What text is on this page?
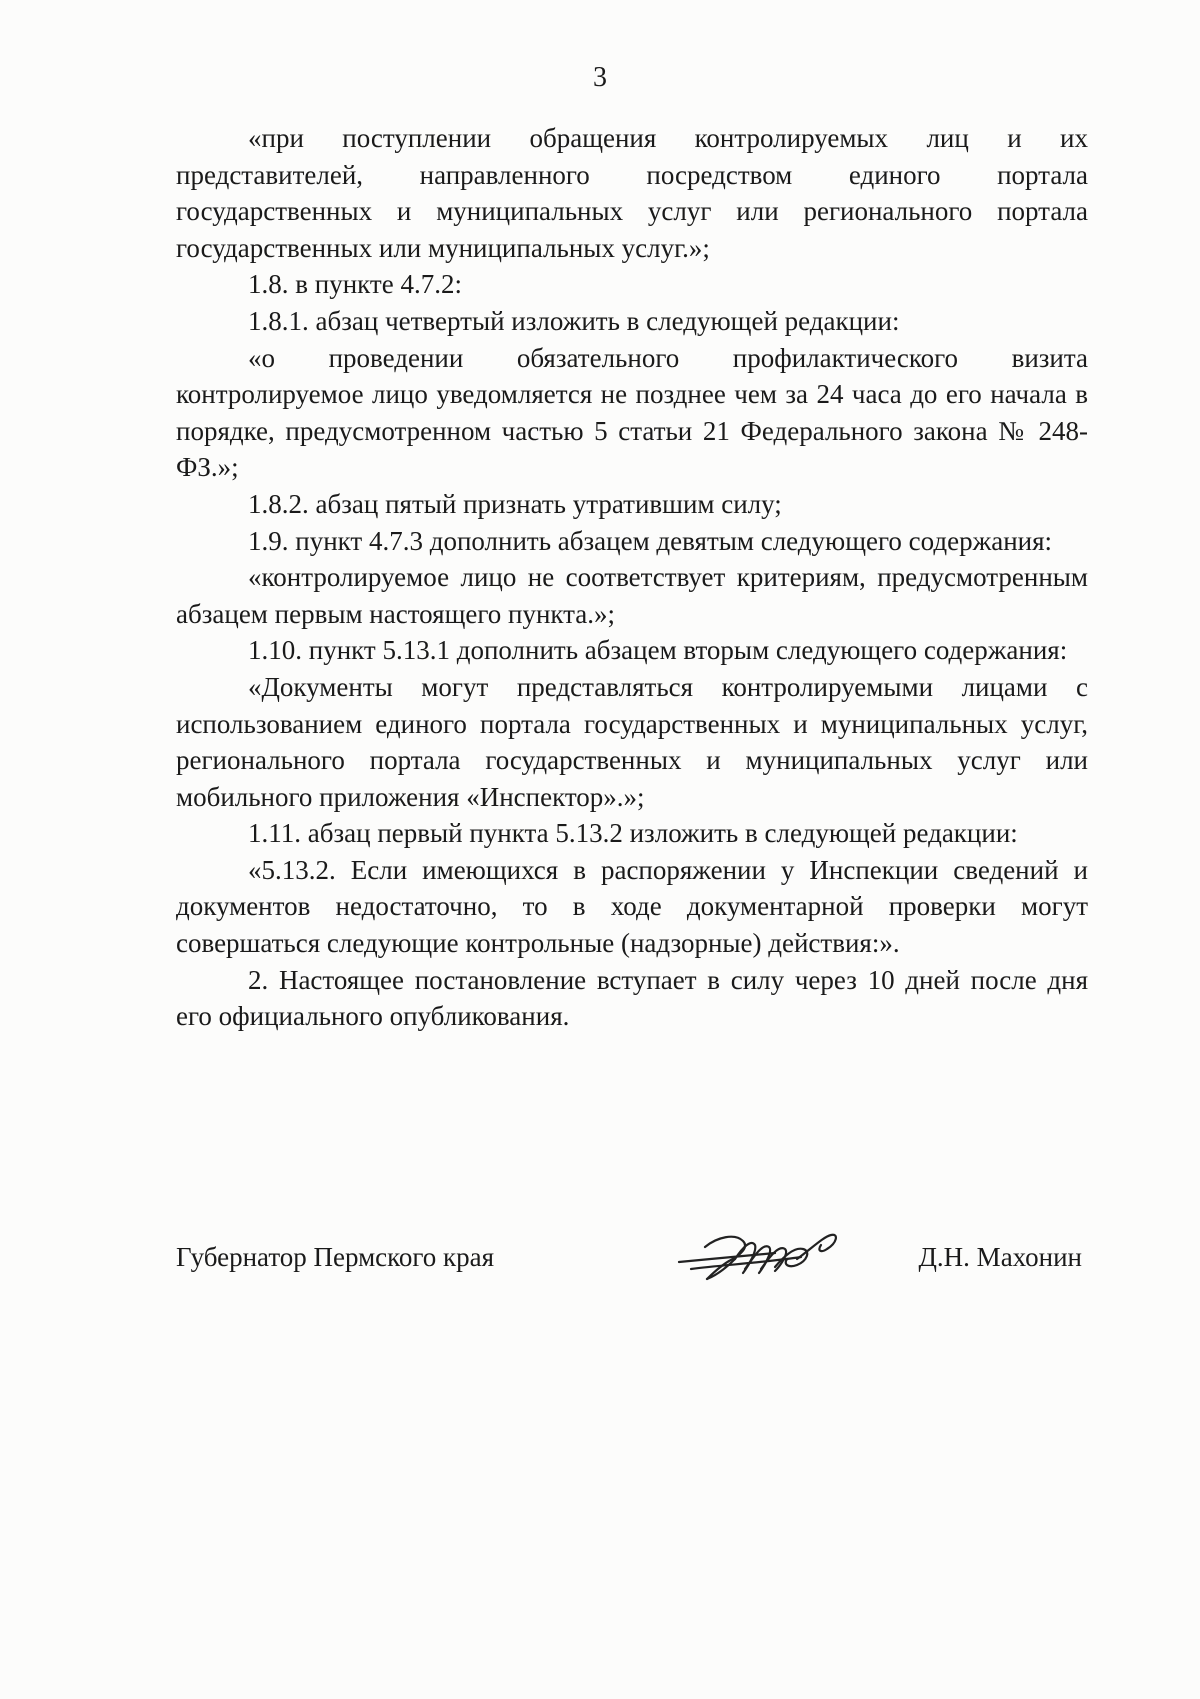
3

«при поступлении обращения контролируемых лиц и их представителей, направленного посредством единого портала государственных и муниципальных услуг или регионального портала государственных или муниципальных услуг.»;

1.8. в пункте 4.7.2:

1.8.1. абзац четвертый изложить в следующей редакции:

«о проведении обязательного профилактического визита контролируемое лицо уведомляется не позднее чем за 24 часа до его начала в порядке, предусмотренном частью 5 статьи 21 Федерального закона № 248-ФЗ.»;

1.8.2. абзац пятый признать утратившим силу;

1.9. пункт 4.7.3 дополнить абзацем девятым следующего содержания:

«контролируемое лицо не соответствует критериям, предусмотренным абзацем первым настоящего пункта.»;

1.10. пункт 5.13.1 дополнить абзацем вторым следующего содержания:

«Документы могут представляться контролируемыми лицами с использованием единого портала государственных и муниципальных услуг, регионального портала государственных и муниципальных услуг или мобильного приложения «Инспектор».»;

1.11. абзац первый пункта 5.13.2 изложить в следующей редакции:

«5.13.2. Если имеющихся в распоряжении у Инспекции сведений и документов недостаточно, то в ходе документарной проверки могут совершаться следующие контрольные (надзорные) действия:».

2. Настоящее постановление вступает в силу через 10 дней после дня его официального опубликования.

Губернатор Пермского края	Д.Н. Махонин
